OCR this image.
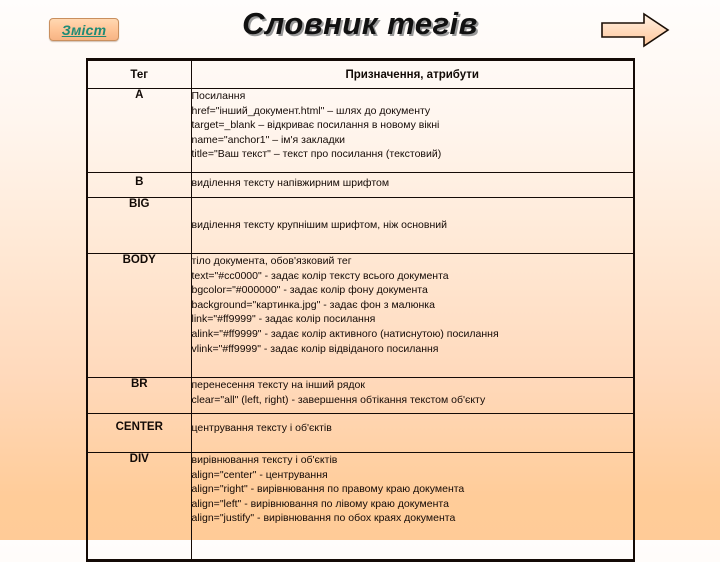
Зміст	Словник тегів
Тег	Призначення, атрибути
A	Посилання
href="інший_документ.html" – шлях до документу
target=_blank – відкриває посилання в новому вікні
name="anchor1" – ім'я закладки
title="Ваш текст" – текст про посилання (текстовий)

B	виділення тексту напівжирним шрифтом

BIG	виділення тексту крупнішим шрифтом, ніж основний

BODY	тіло документа, обов'язковий тег
text="#cc0000" - задає колір тексту всього документа
bgcolor="#000000" - задає колір фону документа
background="картинка.jpg" - задає фон з малюнка
link="#ff9999" - задає колір посилання
alink="#ff9999" - задає колір активного (натиснутою) посилання
vlink="#ff9999" - задає колір відвіданого посилання

BR	перенесення тексту на інший рядок
clear="all" (left, right) - завершення обтікання текстом об'єкту

CENTER	центрування тексту і об'єктів

DIV	вирівнювання тексту і об'єктів
align="center" - центрування
align="right" - вирівнювання по правому краю документа
align="left" - вирівнювання по лівому краю документа
align="justify" - вирівнювання по обох краях документа
